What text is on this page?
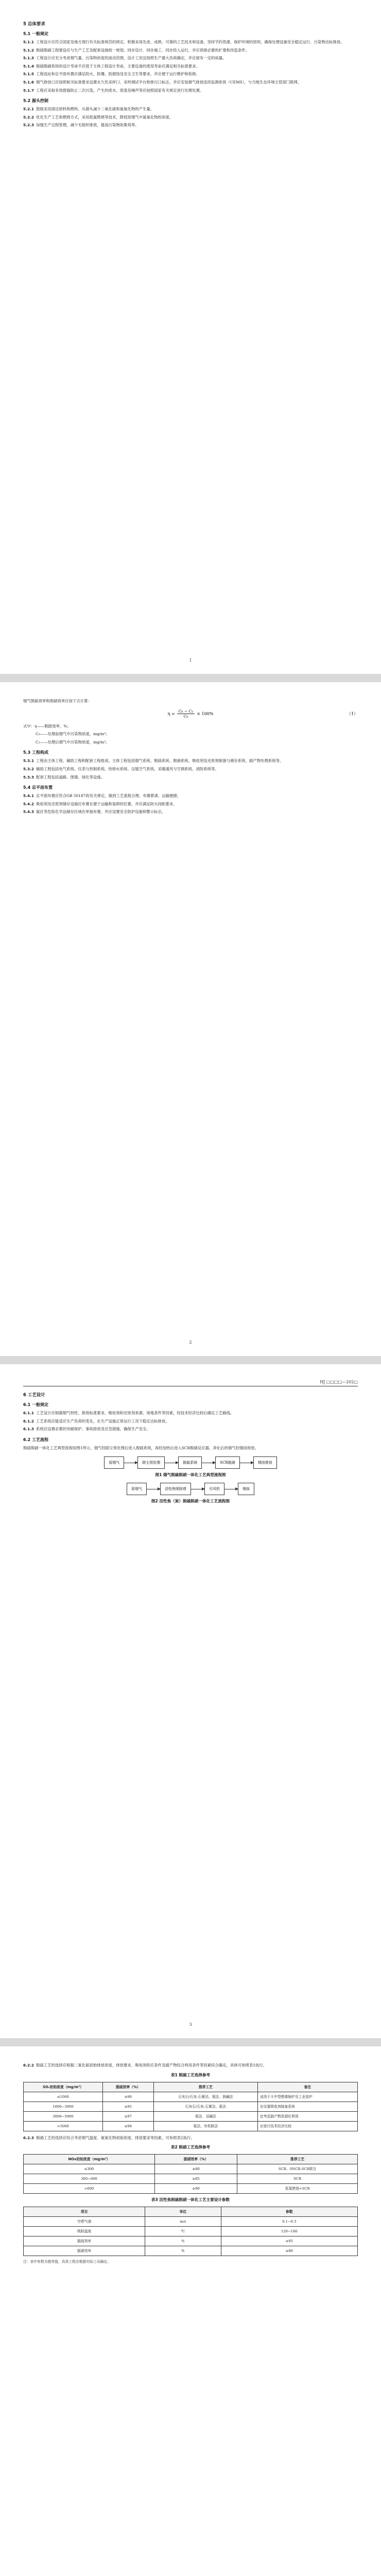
5 总体要求
5.1 一般规定

5.1.1 工程设计应符合国家及地方现行有关标准规范的规定，积极采用先进、成熟、可靠的工艺技术和设备，坚持节约资源、保护环境的原则，确保处理设施安全稳定运行、污染物达标排放。

5.1.2 脱硫脱硝工程建设应与生产工艺及配套设施统一规划、同步设计、同步施工、同步投入运行，并应预留必要的扩建和改造条件。

5.1.3 工程设计应充分考虑烟气量、污染物浓度的波动范围，设计工况宜按照生产最大负荷确定，并应留有一定的裕量。

5.1.4 脱硫脱硝系统的设计寿命不应低于主体工程设计寿命，主要设备的使用寿命应满足相关标准要求。

5.1.5 工程选址和总平面布置应满足防火、防爆、防腐蚀及安全卫生等要求，并应便于运行维护和检修。

5.1.6 烟气排放口应按照相关标准要求设置永久性采样口、采样测试平台和排污口标志，并应安装烟气排放连续监测系统（CEMS），与当地生态环境主管部门联网。

5.1.7 工程应采取有效措施防止二次污染，产生的废水、废渣及噪声等应按照国家有关规定进行处理处置。

5.2 源头控制

5.2.1 鼓励采用清洁原料和燃料，从源头减少二氧化硫和氮氧化物的产生量。

5.2.2 优化生产工艺和燃烧方式，采用低氮燃烧等技术，降低原烟气中氮氧化物的浓度。

5.2.3 加强生产过程管理，减少无组织排放，提高污染物收集效率。

1

烟气脱硫效率和脱硝效率应按下式计算：

$\eta = \frac{\text{C₀ − C₁}}{\text{C₀}} \times 100\%$	（1）

式中：η——脱除效率，%；

C₀——处理前烟气中污染物浓度，mg/m³；

C₁——处理后烟气中污染物浓度，mg/m³。

5.3 工程构成

5.3.1 工程由主体工程、辅助工程和配套工程组成。主体工程包括烟气系统、脱硫系统、脱硝系统、吸收剂及还原剂制备与储存系统、副产物处理系统等。

5.3.2 辅助工程包括电气系统、仪表与控制系统、给排水系统、压缩空气系统、采暖通风与空调系统、消防系统等。

5.3.3 配套工程包括道路、围墙、绿化等设施。

5.4 总平面布置

5.4.1 总平面布置应符合GB 50187的有关规定，做到工艺流程合理、布置紧凑、运输便捷。

5.4.2 吸收剂及还原剂储存设施应布置在便于运输和装卸的位置，并应满足防火间距要求。

5.4.3 氨区等危险化学品储存区域应单独布置，并应设置安全防护设施和警示标志。

2
HJ □□□□—202□
6 工艺设计
6.1 一般规定

6.1.1 工艺设计应根据烟气特性、排放标准要求、吸收剂和还原剂来源、场地条件等因素，经技术经济比较后确定工艺路线。

6.1.2 工艺系统应能适应生产负荷的变化，在生产设施正常运行工况下稳定达标排放。

6.1.3 系统应设置必要的旁路保护、事故排放及应急措施，确保生产安全。

6.2 工艺流程

脱硫脱硝一体化工艺典型流程如图1所示，烟气经除尘预处理后进入脱硫系统，再经加热后进入SCR脱硝反应器，净化后的烟气经烟囱排放。

原烟气	除尘预处理	脱硫系统	SCR脱硝	烟囱排放
图1 烟气脱硫脱硝一体化工艺典型流程图
原烟气	活性焦吸附塔	引风机	烟囱
图2 活性焦（炭）脱硫脱硝一体化工艺流程图
3

6.2.2 脱硫工艺的选择应根据二氧化硫初始排放浓度、排放要求、吸收剂供应条件及副产物综合利用条件等因素综合确定，具体可参照表1执行。

表1 脱硫工艺选择参考
SO₂初始浓度（mg/m³）	脱硫效率（%）	推荐工艺	备注
≤1000	≥90	石灰石/石灰-石膏法、氨法、钠碱法	适用于大中型燃煤锅炉及工业窑炉
1000~3000	≥95	石灰石/石灰-石膏法、氨法	应设置吸收剂制备系统
3000~5000	≥97	氨法、双碱法	宜考虑副产物资源化利用
>5000	≥98	氨法、有机胺法	应进行技术经济比较

6.2.3 脱硝工艺的选择应综合考虑烟气温度、氮氧化物初始浓度、排放要求等因素，可参照表2执行。

表2 脱硝工艺选择参考
NOx初始浓度（mg/m³）	脱硝效率（%）	推荐工艺
≤300	≥80	SCR、SNCR-SCR联合
300~600	≥85	SCR
>600	≥90	低氮燃烧+SCR
表3 活性焦脱硫脱硝一体化工艺主要设计参数
项目	单位	参数
空塔气速	m/s	0.1~0.3
吸附温度	℃	120~160
脱硫效率	%	≥95
脱硝效率	%	≥80
注：表中参数为推荐值，具体工程应根据实际工况确定。
